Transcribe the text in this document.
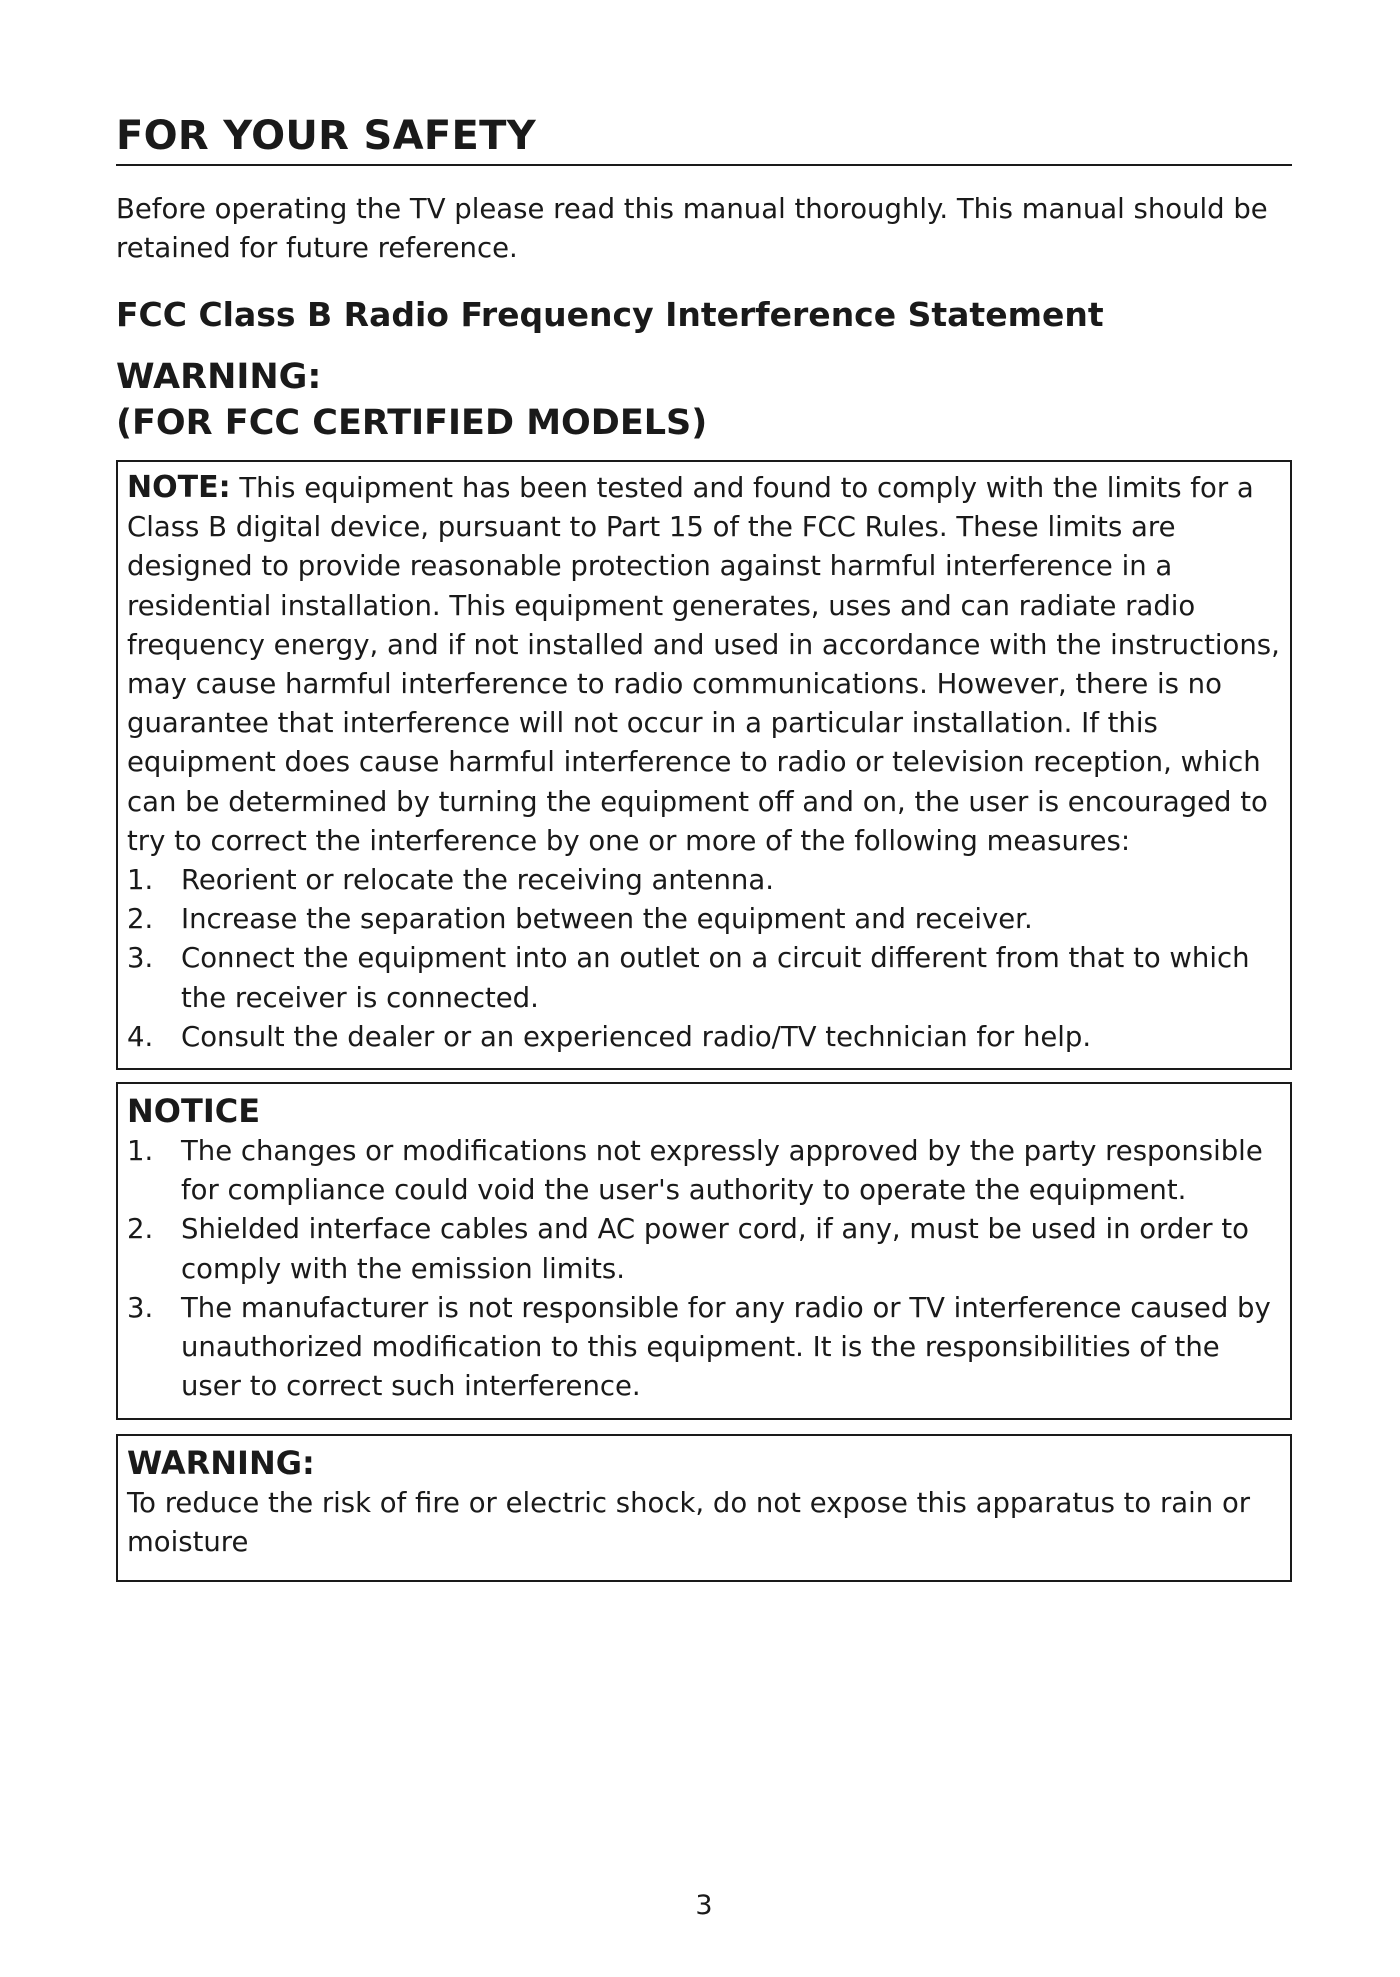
FOR YOUR SAFETY

Before operating the TV please read this manual thoroughly. This manual should be retained for future reference.

FCC Class B Radio Frequency Interference Statement
WARNING:
(FOR FCC CERTIFIED MODELS)
NOTE: This equipment has been tested and found to comply with the limits for a Class B digital device, pursuant to Part 15 of the FCC Rules. These limits are designed to provide reasonable protection against harmful interference in a residential installation. This equipment generates, uses and can radiate radio frequency energy, and if not installed and used in accordance with the instructions, may cause harmful interference to radio communications. However, there is no guarantee that interference will not occur in a particular installation. If this equipment does cause harmful interference to radio or television reception, which can be determined by turning the equipment off and on, the user is encouraged to try to correct the interference by one or more of the following measures:
1. Reorient or relocate the receiving antenna.
2. Increase the separation between the equipment and receiver.
3. Connect the equipment into an outlet on a circuit different from that to which the receiver is connected.
4. Consult the dealer or an experienced radio/TV technician for help.
NOTICE
1. The changes or modifications not expressly approved by the party responsible for compliance could void the user's authority to operate the equipment.
2. Shielded interface cables and AC power cord, if any, must be used in order to comply with the emission limits.
3. The manufacturer is not responsible for any radio or TV interference caused by unauthorized modification to this equipment. It is the responsibilities of the user to correct such interference.
WARNING:
To reduce the risk of fire or electric shock, do not expose this apparatus to rain or moisture
3
